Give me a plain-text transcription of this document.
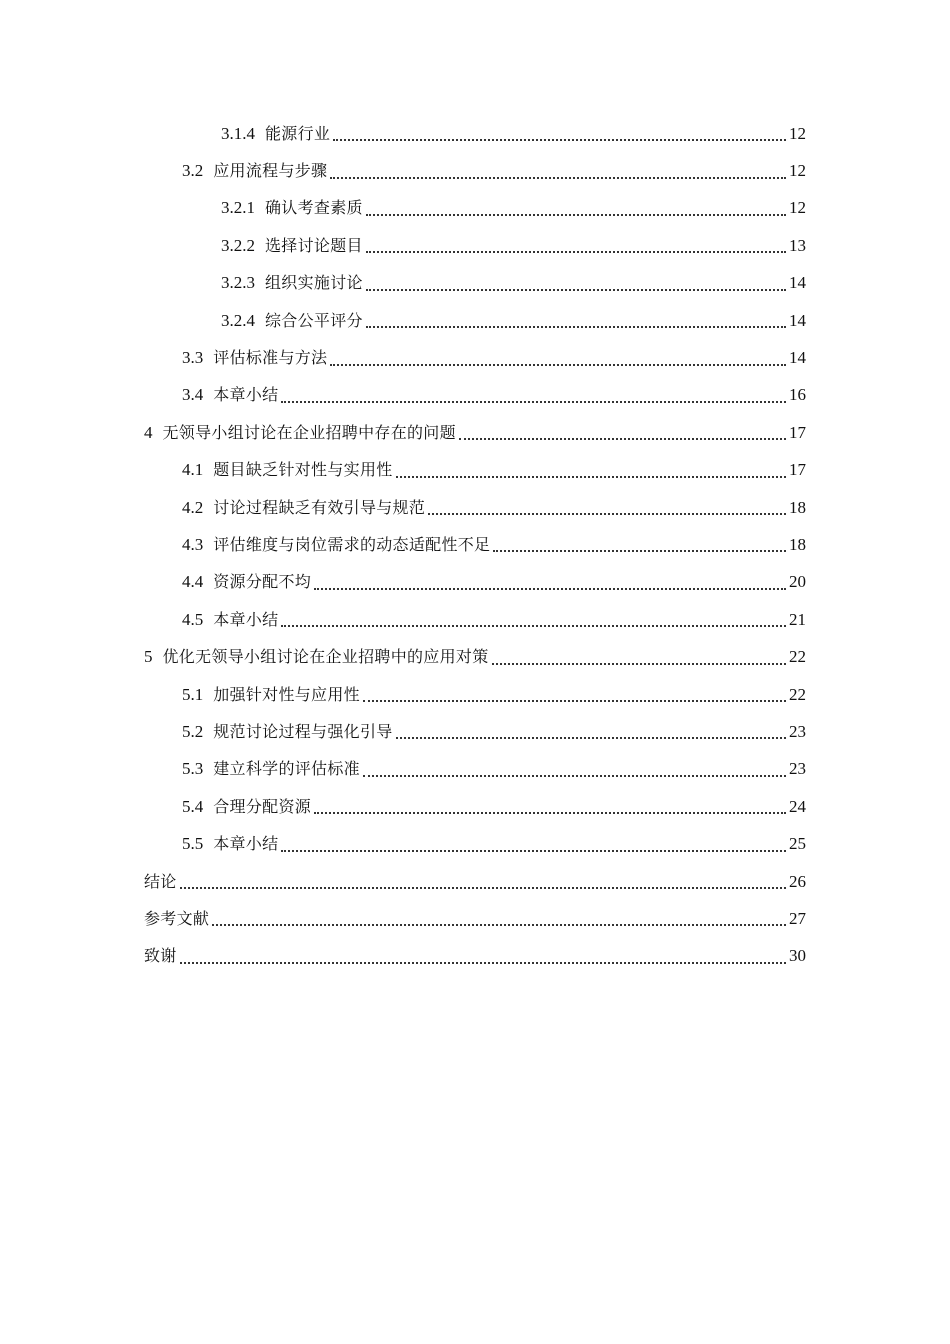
3.1.4 能源行业	12
3.2 应用流程与步骤	12
3.2.1 确认考查素质	12
3.2.2 选择讨论题目	13
3.2.3 组织实施讨论	14
3.2.4 综合公平评分	14
3.3 评估标准与方法	14
3.4 本章小结	16
4 无领导小组讨论在企业招聘中存在的问题	17
4.1 题目缺乏针对性与实用性	17
4.2 讨论过程缺乏有效引导与规范	18
4.3 评估维度与岗位需求的动态适配性不足	18
4.4 资源分配不均	20
4.5 本章小结	21
5 优化无领导小组讨论在企业招聘中的应用对策	22
5.1 加强针对性与应用性	22
5.2 规范讨论过程与强化引导	23
5.3 建立科学的评估标准	23
5.4 合理分配资源	24
5.5 本章小结	25
结论	26
参考文献	27
致谢	30
